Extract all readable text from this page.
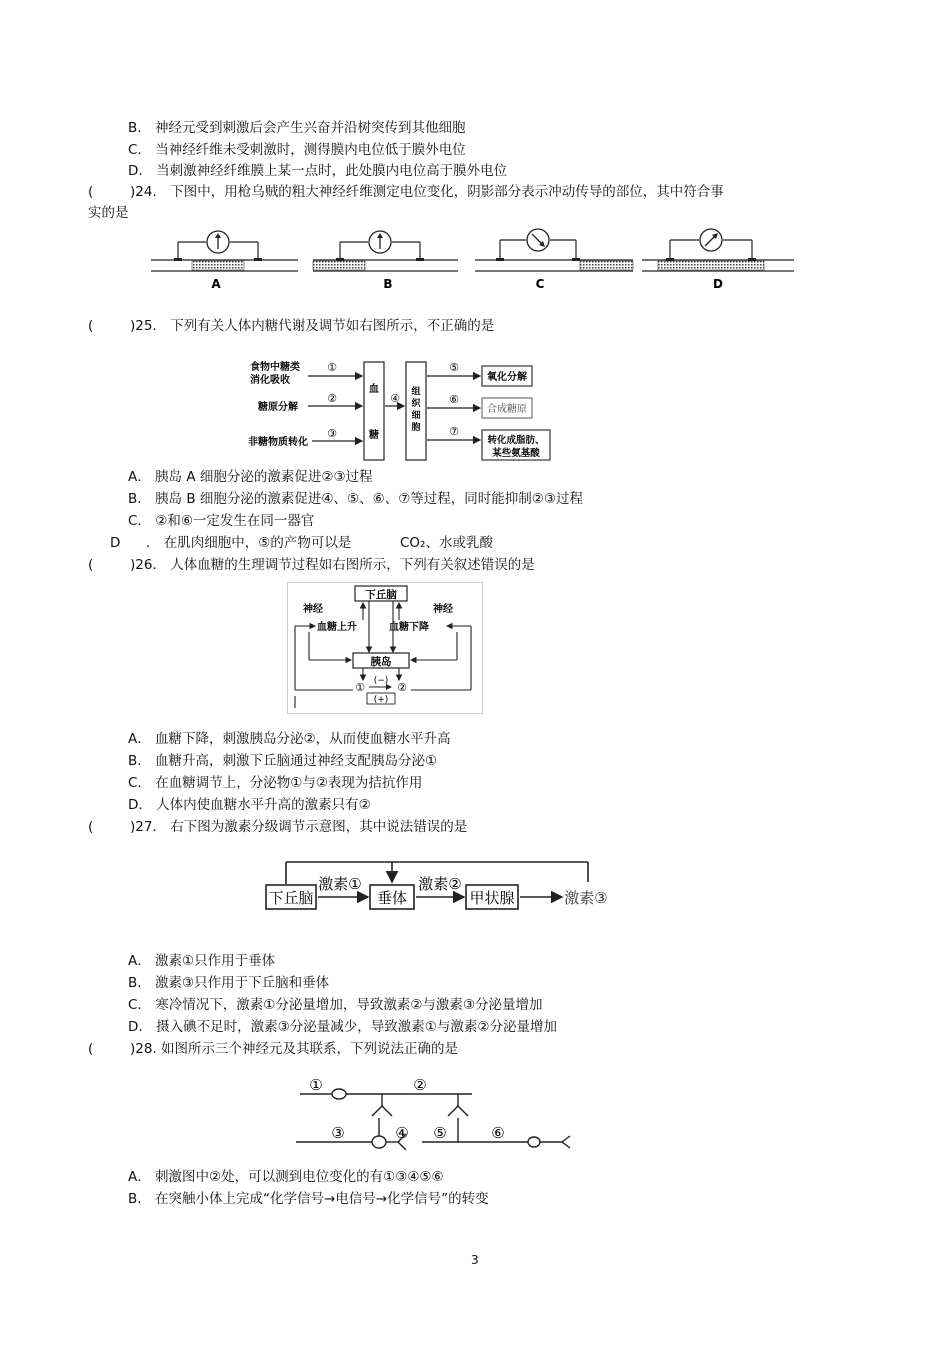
B． 神经元受到刺激后会产生兴奋并沿树突传到其他细胞
C． 当神经纤维未受刺激时，测得膜内电位低于膜外电位
D． 当刺激神经纤维膜上某一点时，此处膜内电位高于膜外电位
(	)24． 下图中，用枪乌贼的粗大神经纤维测定电位变化，阴影部分表示冲动传导的部位，其中符合事
实的是
A	B	C	D
(	)25． 下列有关人体内糖代谢及调节如右图所示，不正确的是
食物中糖类
消化吸收
糖原分解
非糖物质转化
①
②
③
血
糖
④ 组
织
细
胞
⑤
⑥
⑦
氧化分解
合成糖原
转化成脂肪、
某些氨基酸
A． 胰岛 A 细胞分泌的激素促进②③过程
B． 胰岛 B 细胞分泌的激素促进④、⑤、⑥、⑦等过程，同时能抑制②③过程
C． ②和⑥一定发生在同一器官
D ． 在肌肉细胞中，⑤的产物可以是	CO₂、水或乳酸
(	)26． 人体血糖的生理调节过程如右图所示，下列有关叙述错误的是
下丘脑
神经	神经
血糖上升	血糖下降
胰岛
①	②
(−)
(+)
A． 血糖下降，刺激胰岛分泌②，从而使血糖水平升高
B． 血糖升高，刺激下丘脑通过神经支配胰岛分泌①
C． 在血糖调节上，分泌物①与②表现为拮抗作用
D． 人体内使血糖水平升高的激素只有②
(	)27． 右下图为激素分级调节示意图，其中说法错误的是
下丘脑
激素①
垂体
激素②
甲状腺	激素③
A． 激素①只作用于垂体
B． 激素③只作用于下丘脑和垂体
C． 寒冷情况下，激素①分泌量增加，导致激素②与激素③分泌量增加
D． 摄入碘不足时，激素③分泌量减少，导致激素①与激素②分泌量增加
(	)28. 如图所示三个神经元及其联系，下列说法正确的是
①	②
③	④ ⑤	⑥
A． 刺激图中②处，可以测到电位变化的有①③④⑤⑥
B． 在突触小体上完成“化学信号→电信号→化学信号”的转变
3
